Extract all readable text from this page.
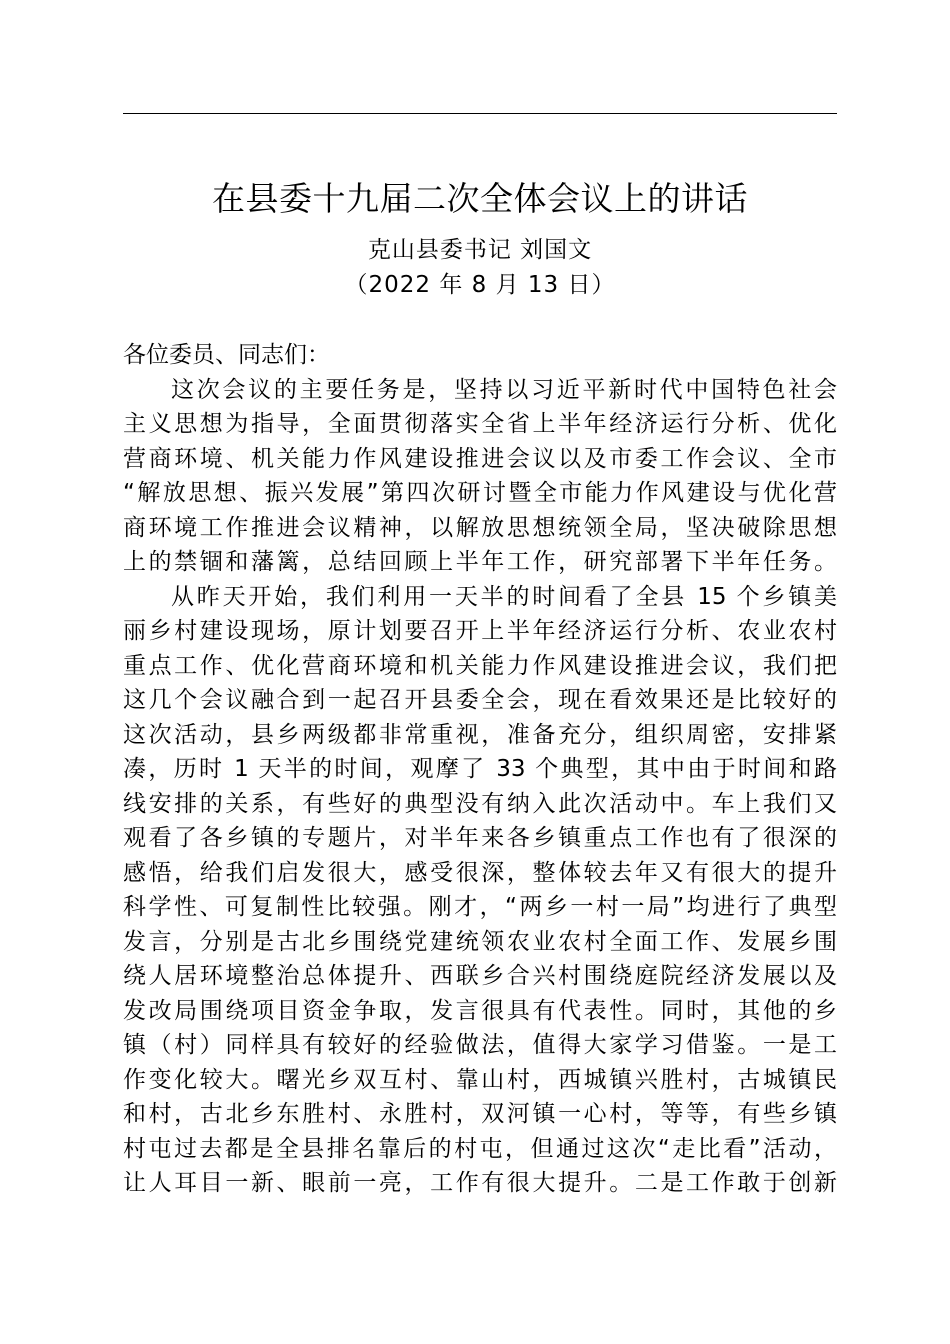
在县委十九届二次全体会议上的讲话
克山县委书记 刘国文
（2022 年 8 月 13 日）
各位委员、同志们：
这次会议的主要任务是，坚持以习近平新时代中国特色社会
主义思想为指导，全面贯彻落实全省上半年经济运行分析、优化
营商环境、机关能力作风建设推进会议以及市委工作会议、全市
“解放思想、振兴发展”第四次研讨暨全市能力作风建设与优化营
商环境工作推进会议精神，以解放思想统领全局，坚决破除思想
上的禁锢和藩篱，总结回顾上半年工作，研究部署下半年任务。
从昨天开始，我们利用一天半的时间看了全县 15 个乡镇美
丽乡村建设现场，原计划要召开上半年经济运行分析、农业农村
重点工作、优化营商环境和机关能力作风建设推进会议，我们把
这几个会议融合到一起召开县委全会，现在看效果还是比较好的
这次活动，县乡两级都非常重视，准备充分，组织周密，安排紧
凑，历时 1 天半的时间，观摩了 33 个典型，其中由于时间和路
线安排的关系，有些好的典型没有纳入此次活动中。车上我们又
观看了各乡镇的专题片，对半年来各乡镇重点工作也有了很深的
感悟，给我们启发很大，感受很深，整体较去年又有很大的提升
科学性、可复制性比较强。刚才，“两乡一村一局”均进行了典型
发言，分别是古北乡围绕党建统领农业农村全面工作、发展乡围
绕人居环境整治总体提升、西联乡合兴村围绕庭院经济发展以及
发改局围绕项目资金争取，发言很具有代表性。同时，其他的乡
镇（村）同样具有较好的经验做法，值得大家学习借鉴。一是工
作变化较大。曙光乡双互村、靠山村，西城镇兴胜村，古城镇民
和村，古北乡东胜村、永胜村，双河镇一心村，等等，有些乡镇
村屯过去都是全县排名靠后的村屯，但通过这次“走比看”活动，
让人耳目一新、眼前一亮，工作有很大提升。二是工作敢于创新
